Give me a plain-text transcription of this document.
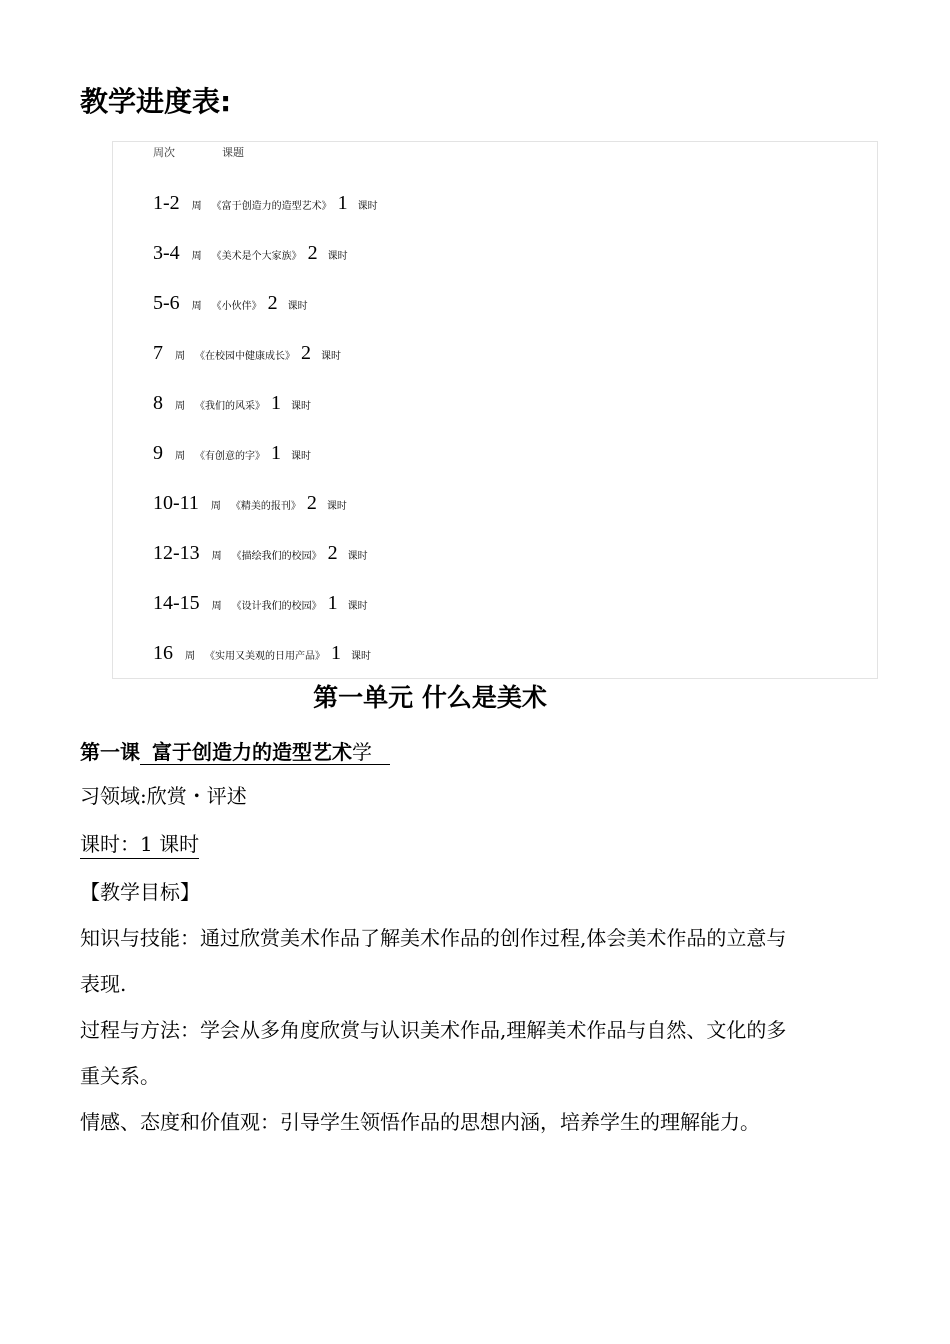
教学进度表:
周次	课题
1-2 周 《富于创造力的造型艺术》 1 课时
3-4 周 《美术是个大家族》 2 课时
5-6 周 《小伙伴》 2 课时
7 周 《在校园中健康成长》 2 课时
8 周 《我们的风采》 1 课时
9 周 《有创意的字》 1 课时
10-11 周 《精美的报刊》 2 课时
12-13 周 《描绘我们的校园》 2 课时
14-15 周 《设计我们的校园》 1 课时
16 周 《实用又美观的日用产品》 1 课时
第一单元 什么是美术
第一课 富于创造力的造型艺术学
习领域:欣赏・评述
课时：1 课时
【教学目标】
知识与技能：通过欣赏美术作品了解美术作品的创作过程,体会美术作品的立意与
表现.
过程与方法：学会从多角度欣赏与认识美术作品,理解美术作品与自然、文化的多
重关系。
情感、态度和价值观：引导学生领悟作品的思想内涵，培养学生的理解能力。
